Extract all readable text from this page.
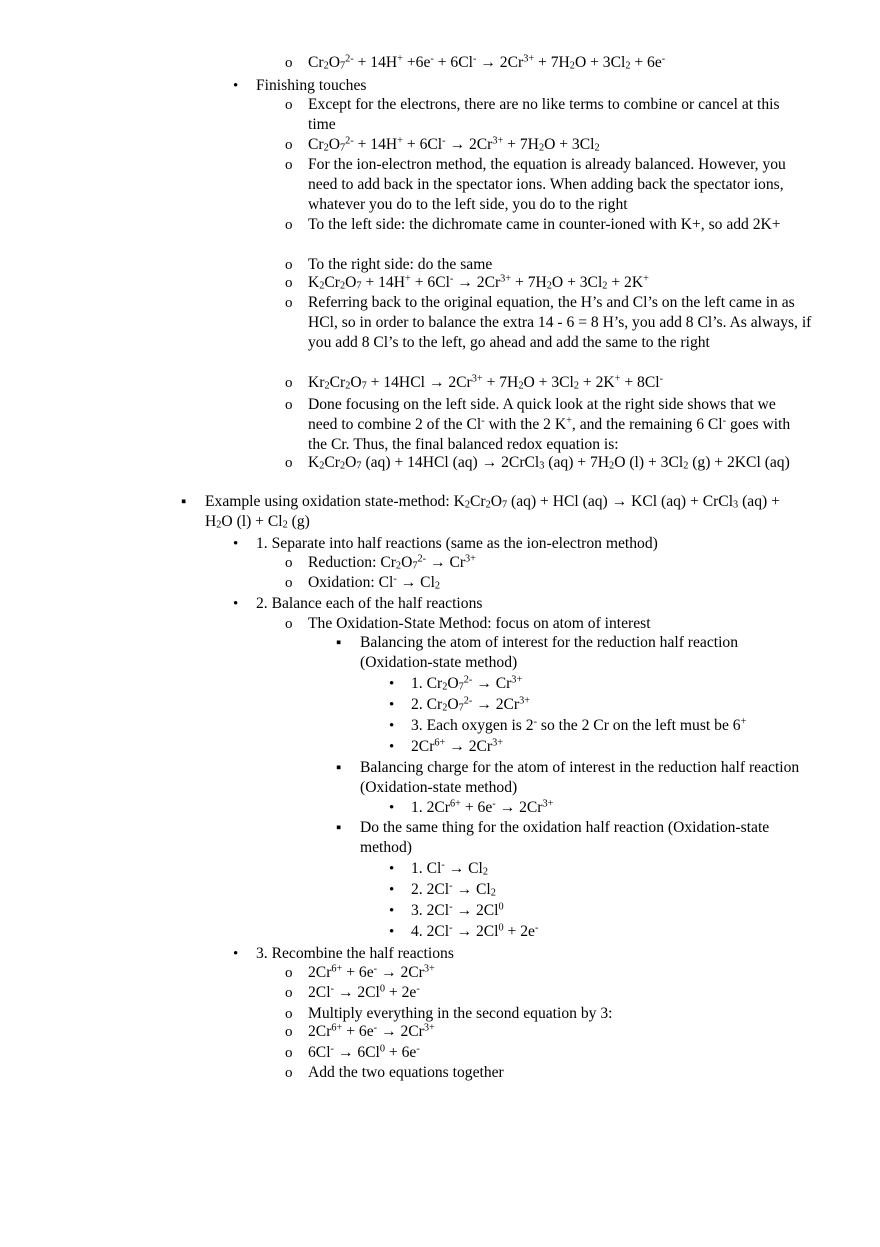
o $Cr_2O_7^{2-} + 14H^+ +6e^- + 6Cl^- \to 2Cr^{3+} + 7H_2O + 3Cl_2 + 6e^-$
• Finishing touches
o Except for the electrons, there are no like terms to combine or cancel at this time
o $Cr_2O_7^{2-} + 14H^+ + 6Cl^- \to 2Cr^{3+} + 7H_2O + 3Cl_2$
o For the ion-electron method, the equation is already balanced. However, you need to add back in the spectator ions. When adding back the spectator ions, whatever you do to the left side, you do to the right
o To the left side: the dichromate came in counter-ioned with K+, so add 2K+
o To the right side: do the same
o $K_2Cr_2O_7 + 14H^+ + 6Cl^- \to 2Cr^{3+} + 7H_2O + 3Cl_2 + 2K^+$
o Referring back to the original equation, the H’s and Cl’s on the left came in as HCl, so in order to balance the extra 14 - 6 = 8 H’s, you add 8 Cl’s. As always, if you add 8 Cl’s to the left, go ahead and add the same to the right
o $Kr_2Cr_2O_7 + 14HCl \to 2Cr^{3+} + 7H_2O + 3Cl_2 + 2K^+ + 8Cl^-$
o Done focusing on the left side. A quick look at the right side shows that we need to combine 2 of the Cl- with the 2 K+, and the remaining 6 Cl- goes with the Cr. Thus, the final balanced redox equation is:
o $K_2Cr_2O_7$ (aq) + 14HCl (aq) → 2CrCl$_3$ $(aq) + 7H_2O$ $(l) + 3Cl_2$ (g) + 2KCl (aq)
▪ Example using oxidation state-method: $K_2Cr_2O_7$ (aq) + HCl (aq) → KCl (aq) + CrCl$_3$ $(aq) + H_2O$ $(l) + Cl_2$ (g)
• 1. Separate into half reactions (same as the ion-electron method)
o Reduction: $Cr_2O_7^{2-} \to Cr^{3+}$
o Oxidation: $Cl^- \to Cl_2$
• 2. Balance each of the half reactions
o The Oxidation-State Method: focus on atom of interest
▪ Balancing the atom of interest for the reduction half reaction (Oxidation-state method)
• 1. $Cr_2O_7^{2-} \to Cr^{3+}$
• 2. $Cr_2O_7^{2-} \to 2Cr^{3+}$
• 3. Each oxygen is 2- so the 2 Cr on the left must be 6+
• $2Cr^{6+} \to 2Cr^{3+}$
▪ Balancing charge for the atom of interest in the reduction half reaction (Oxidation-state method)
• 1. $2Cr^{6+} + 6e^- \to 2Cr^{3+}$
▪ Do the same thing for the oxidation half reaction (Oxidation-state method)
• 1. $Cl^- \to Cl_2$
• 2. $2Cl^- \to Cl_2$
• 3. $2Cl^- \to 2Cl^0$
• 4. $2Cl^- \to 2Cl^0 + 2e^-$
• 3. Recombine the half reactions
o $2Cr^{6+} + 6e^- \to 2Cr^{3+}$
o $2Cl^- \to 2Cl^0 + 2e^-$
o Multiply everything in the second equation by 3:
o $2Cr^{6+} + 6e^- \to 2Cr^{3+}$
o $6Cl^- \to 6Cl^0 + 6e^-$
o Add the two equations together
